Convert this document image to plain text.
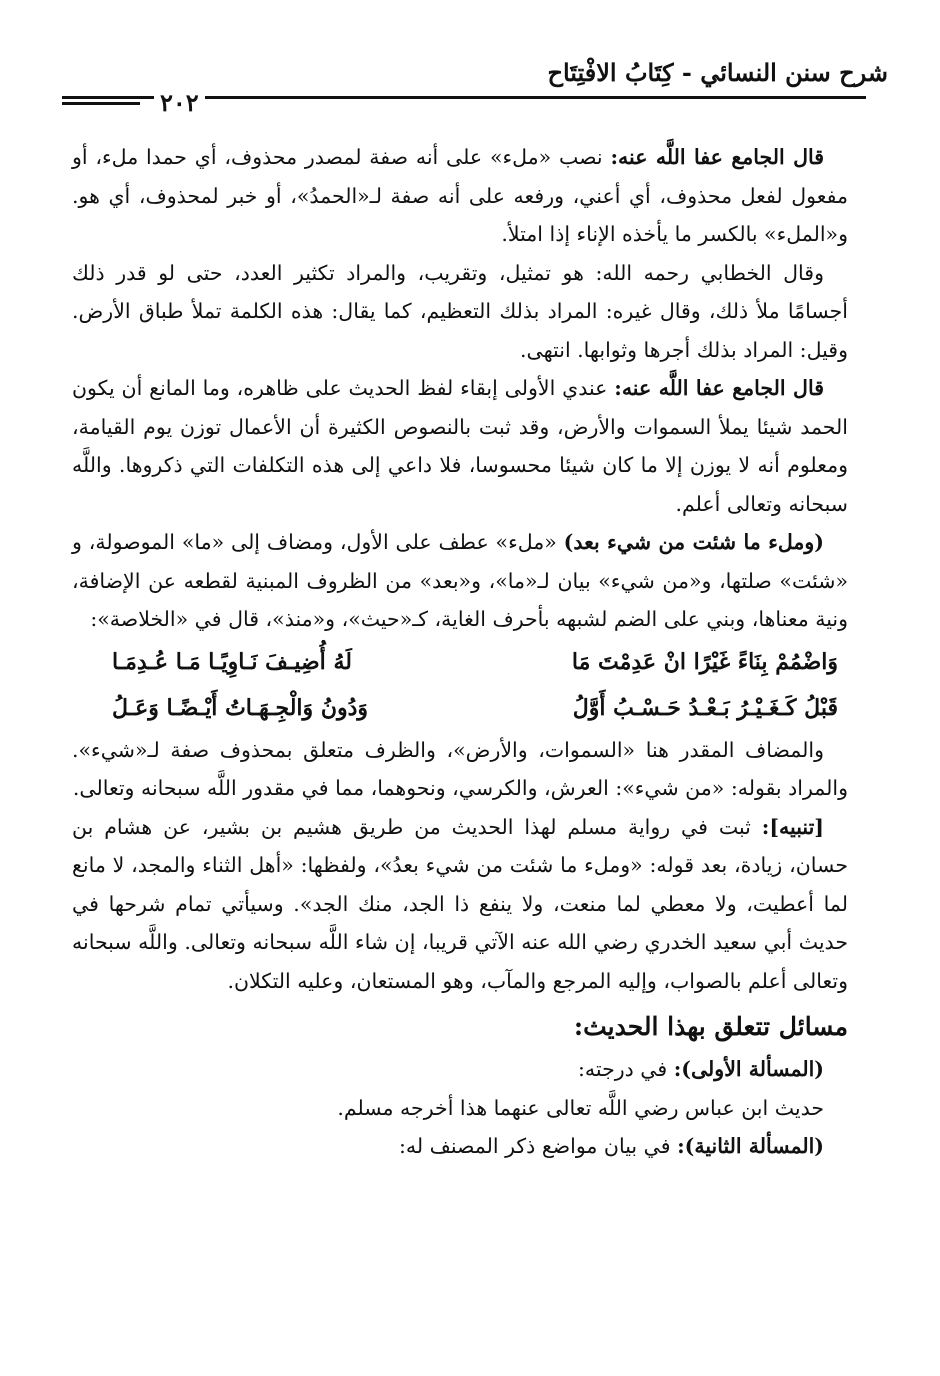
شرح سنن النسائي - كِتَابُ الافْتِتَاح
٢٠٢

قال الجامع عفا اللَّه عنه: نصب «ملء» على أنه صفة لمصدر محذوف، أي حمدا ملء، أو مفعول لفعل محذوف، أي أعني، ورفعه على أنه صفة لـ«الحمدُ»، أو خبر لمحذوف، أي هو. و«الملء» بالكسر ما يأخذه الإناء إذا امتلأ.

وقال الخطابي رحمه الله: هو تمثيل، وتقريب، والمراد تكثير العدد، حتى لو قدر ذلك أجسامًا ملأ ذلك، وقال غيره: المراد بذلك التعظيم، كما يقال: هذه الكلمة تملأ طباق الأرض. وقيل: المراد بذلك أجرها وثوابها. انتهى.

قال الجامع عفا اللَّه عنه: عندي الأولى إبقاء لفظ الحديث على ظاهره، وما المانع أن يكون الحمد شيئا يملأ السموات والأرض، وقد ثبت بالنصوص الكثيرة أن الأعمال توزن يوم القيامة، ومعلوم أنه لا يوزن إلا ما كان شيئا محسوسا، فلا داعي إلى هذه التكلفات التي ذكروها. واللَّه سبحانه وتعالى أعلم.

(وملء ما شئت من شيء بعد) «ملء» عطف على الأول، ومضاف إلى «ما» الموصولة، و «شئت» صلتها، و«من شيء» بيان لـ«ما»، و«بعد» من الظروف المبنية لقطعه عن الإضافة، ونية معناها، وبني على الضم لشبهه بأحرف الغاية، كـ«حيث»، و«منذ»، قال في «الخلاصة»:

وَاضْمُمْ بِنَاءً غَيْرًا انْ عَدِمْتَ مَا
لَهُ أُضِيـفَ نَـاوِيًـا مَـا عُـدِمَـا
قَبْلُ كَـغَـيْـرُ بَـعْـدُ حَـسْـبُ أَوَّلُ
وَدُونُ وَالْجِـهَـاتُ أَيْـضًـا وَعَـلُ

والمضاف المقدر هنا «السموات، والأرض»، والظرف متعلق بمحذوف صفة لـ«شيء». والمراد بقوله: «من شيء»: العرش، والكرسي، ونحوهما، مما في مقدور اللَّه سبحانه وتعالى.

[تنبيه]: ثبت في رواية مسلم لهذا الحديث من طريق هشيم بن بشير، عن هشام بن حسان، زيادة، بعد قوله: «وملء ما شئت من شيء بعدُ»، ولفظها: «أهل الثناء والمجد، لا مانع لما أعطيت، ولا معطي لما منعت، ولا ينفع ذا الجد، منك الجد». وسيأتي تمام شرحها في حديث أبي سعيد الخدري رضي الله عنه الآتي قريبا، إن شاء اللَّه سبحانه وتعالى. واللَّه سبحانه وتعالى أعلم بالصواب، وإليه المرجع والمآب، وهو المستعان، وعليه التكلان.

مسائل تتعلق بهذا الحديث:

(المسألة الأولى): في درجته:

حديث ابن عباس رضي اللَّه تعالى عنهما هذا أخرجه مسلم.

(المسألة الثانية): في بيان مواضع ذكر المصنف له:
